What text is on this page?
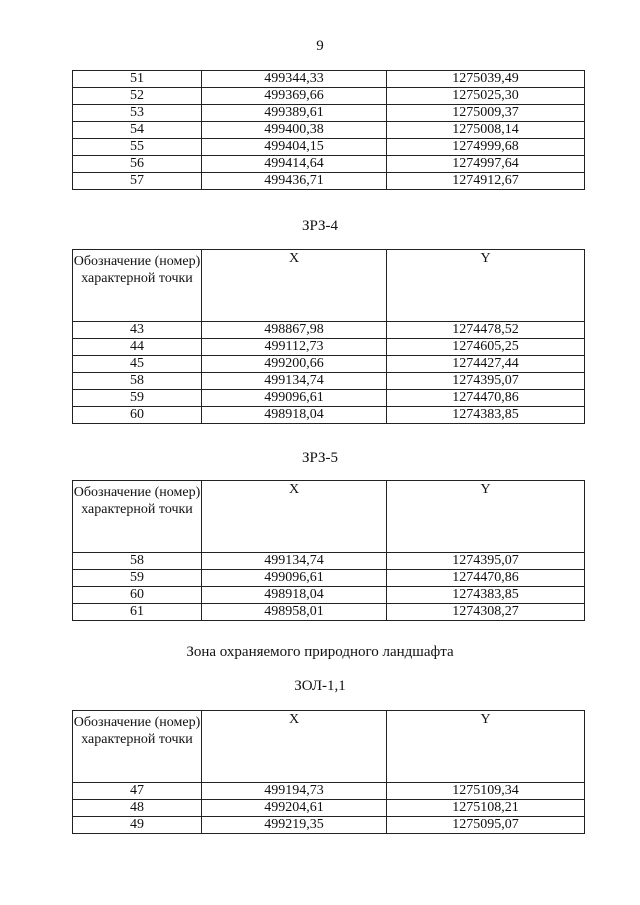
9
51	499344,33	1275039,49
52	499369,66	1275025,30
53	499389,61	1275009,37
54	499400,38	1275008,14
55	499404,15	1274999,68
56	499414,64	1274997,64
57	499436,71	1274912,67
ЗРЗ-4
Обозначение (номер) характерной точки	X	Y
43	498867,98	1274478,52
44	499112,73	1274605,25
45	499200,66	1274427,44
58	499134,74	1274395,07
59	499096,61	1274470,86
60	498918,04	1274383,85
ЗРЗ-5
Обозначение (номер) характерной точки	X	Y
58	499134,74	1274395,07
59	499096,61	1274470,86
60	498918,04	1274383,85
61	498958,01	1274308,27
Зона охраняемого природного ландшафта
ЗОЛ-1,1
Обозначение (номер) характерной точки	X	Y
47	499194,73	1275109,34
48	499204,61	1275108,21
49	499219,35	1275095,07
